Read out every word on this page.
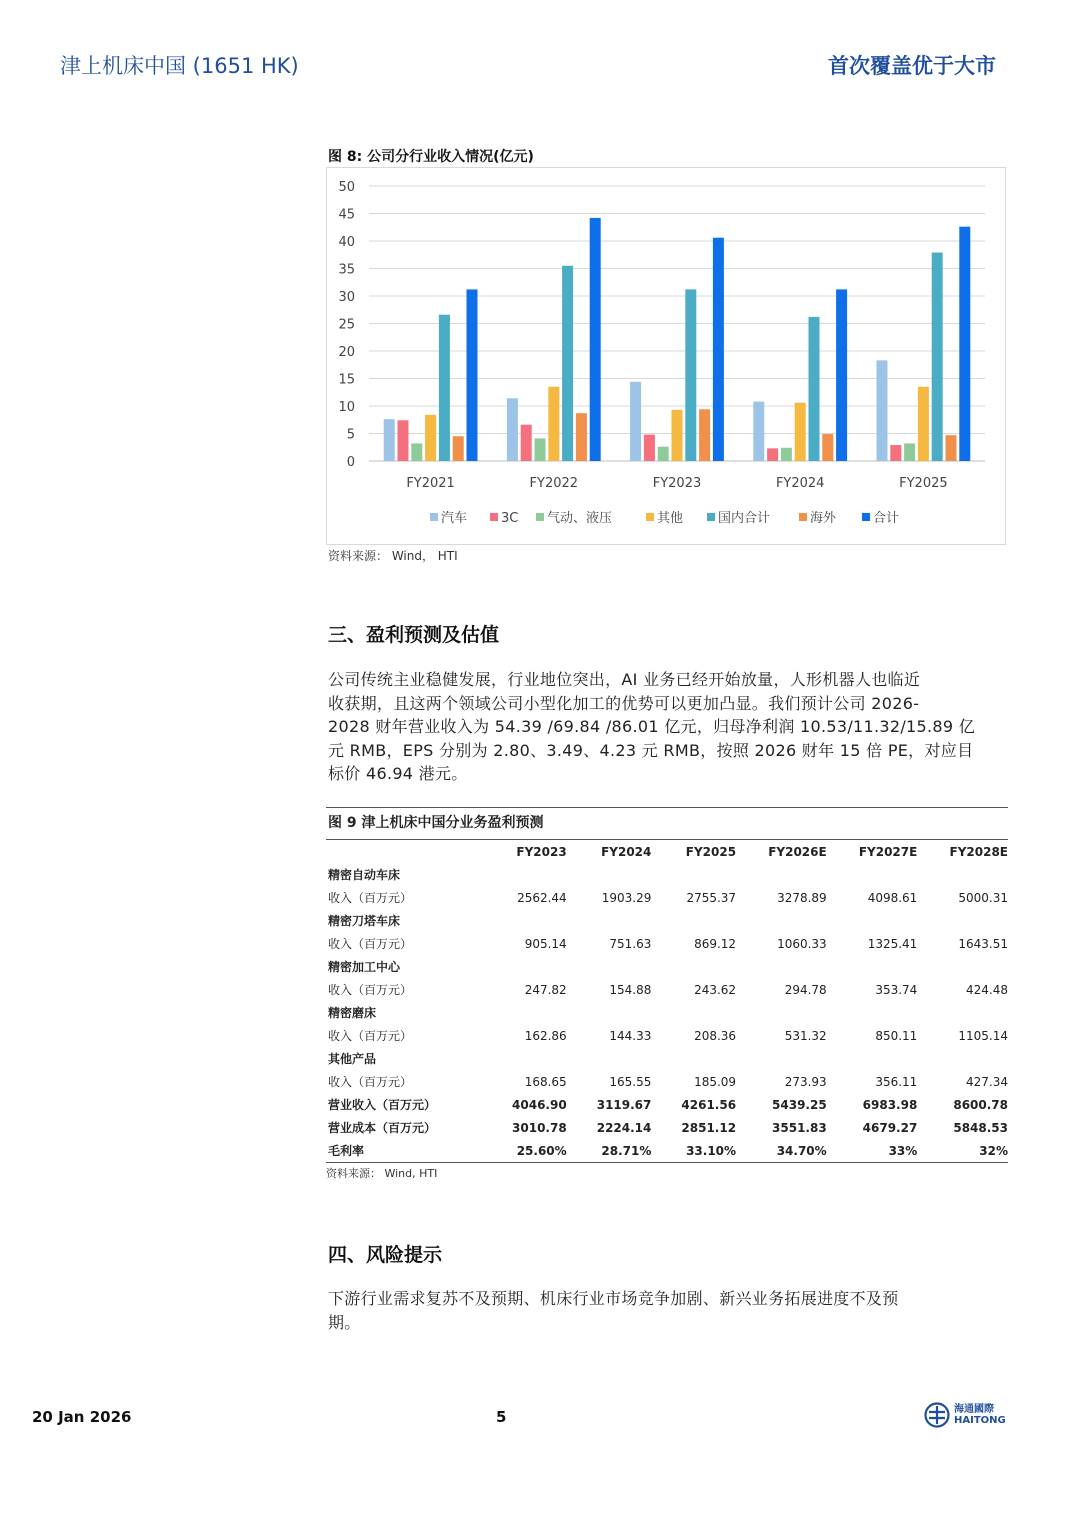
津上机床中国 (1651 HK)	首次覆盖优于大市
图 8: 公司分行业收入情况(亿元)
0
5
10
15
20
25
30
35
40
45
50
FY2021	FY2022	FY2023	FY2024	FY2025
汽车	3C 气动、液压	其他	国内合计	海外	合计
资料来源： Wind， HTI
三、盈利预测及估值
公司传统主业稳健发展，行业地位突出，AI 业务已经开始放量，人形机器人也临近
收获期，且这两个领域公司小型化加工的优势可以更加凸显。我们预计公司 2026-
2028 财年营业收入为 54.39 /69.84 /86.01 亿元，归母净利润 10.53/11.32/15.89 亿
元 RMB，EPS 分别为 2.80、3.49、4.23 元 RMB，按照 2026 财年 15 倍 PE，对应目
标价 46.94 港元。
图 9 津上机床中国分业务盈利预测
	FY2023	FY2024	FY2025	FY2026E	FY2027E	FY2028E
精密自动车床						
收入（百万元）	2562.44	1903.29	2755.37	3278.89	4098.61	5000.31
精密刀塔车床						
收入（百万元）	905.14	751.63	869.12	1060.33	1325.41	1643.51
精密加工中心						
收入（百万元）	247.82	154.88	243.62	294.78	353.74	424.48
精密磨床						
收入（百万元）	162.86	144.33	208.36	531.32	850.11	1105.14
其他产品						
收入（百万元）	168.65	165.55	185.09	273.93	356.11	427.34
营业收入（百万元）	4046.90	3119.67	4261.56	5439.25	6983.98	8600.78
营业成本（百万元）	3010.78	2224.14	2851.12	3551.83	4679.27	5848.53
毛利率	25.60%	28.71%	33.10%	34.70%	33%	32%
资料来源： Wind, HTI
四、风险提示
下游行业需求复苏不及预期、机床行业市场竞争加剧、新兴业务拓展进度不及预
期。
20 Jan 2026	5	海通國際
HAITONG
